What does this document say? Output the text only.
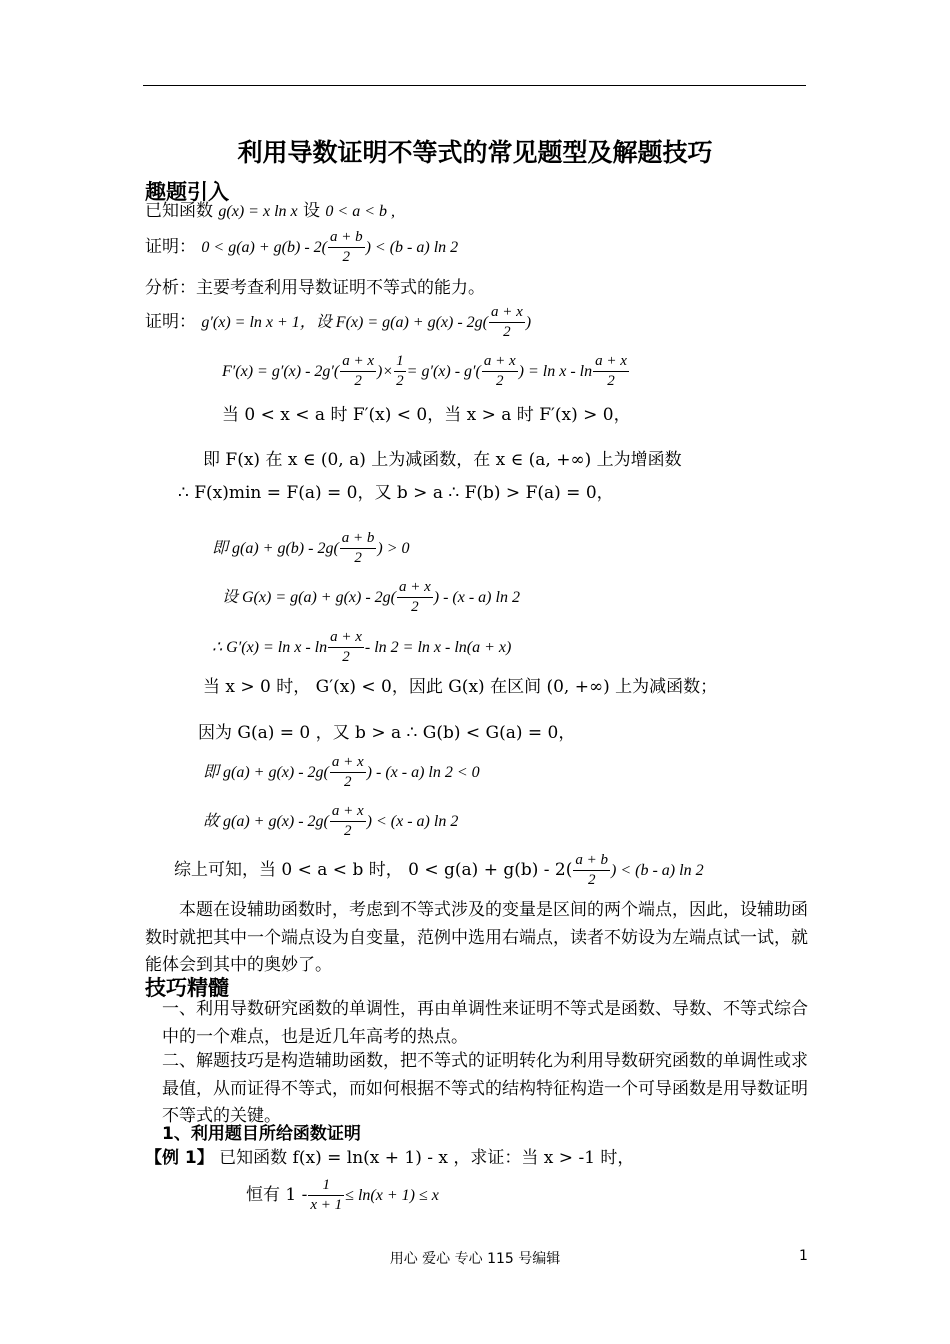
利用导数证明不等式的常见题型及解题技巧
趣题引入
已知函数 g(x) = x ln x 设 0 < a < b ,
证明： $0 < g(a) + g(b) - 2( \frac{a + b}{2}$ ) < (b - a) ln 2
分析：主要考查利用导数证明不等式的能力。
证明： g′(x) = ln x + 1，设 $F(x) = g(a) + g(x) - 2g( \frac{a + x}{2}$ )
$F'(x) = g'(x) - 2g'( \frac{a + x}{2}$ )× $\frac{1}{2} = g'(x) - g'( \frac{a + x}{2}$ ) = ln x - $\ln \frac{a + x}{2}$
当 0 < x < a 时 F′(x) < 0，当 x > a 时 F′(x) > 0，
即 F(x) 在 x ∈ (0, a) 上为减函数，在 x ∈ (a, +∞) 上为增函数
∴ F(x)min = F(a) = 0，又 b > a ∴ F(b) > F(a) = 0，
即 $g(a) + g(b) - 2g( \frac{a + b}{2}$ ) > 0
设 $G(x) = g(a) + g(x) - 2g( \frac{a + x}{2}$ ) - (x - a) ln 2
∴ $G'(x) = \ln x - \ln \frac{a + x}{2} - \ln 2 = \ln x - \ln(a + x)$
当 x > 0 时， G′(x) < 0，因此 G(x) 在区间 (0, +∞) 上为减函数；
因为 G(a) = 0 ，又 b > a ∴ G(b) < G(a) = 0，
即 $g(a) + g(x) - 2g( \frac{a + x}{2}$ ) - (x - a) ln 2 < 0
故 $g(a) + g(x) - 2g( \frac{a + x}{2}$ ) < (x - a) ln 2
综上可知，当 0 < a < b 时， $0 < g(a) + g(b) - 2( \frac{a + b}{2}$ ) < (b - a) ln 2
本题在设辅助函数时，考虑到不等式涉及的变量是区间的两个端点，因此，设辅助函数时就把其中一个端点设为自变量，范例中选用右端点，读者不妨设为左端点试一试，就能体会到其中的奥妙了。
技巧精髓
一、利用导数研究函数的单调性，再由单调性来证明不等式是函数、导数、不等式综合中的一个难点，也是近几年高考的热点。
二、解题技巧是构造辅助函数，把不等式的证明转化为利用导数研究函数的单调性或求最值，从而证得不等式，而如何根据不等式的结构特征构造一个可导函数是用导数证明不等式的关键。
1、利用题目所给函数证明
【例 1】 已知函数 f(x) = ln(x + 1) - x ，求证：当 x > -1 时，
恒有 $1 - \frac{1}{x + 1} \le \ln(x + 1) \le x$
用心 爱心 专心 115 号编辑	1
